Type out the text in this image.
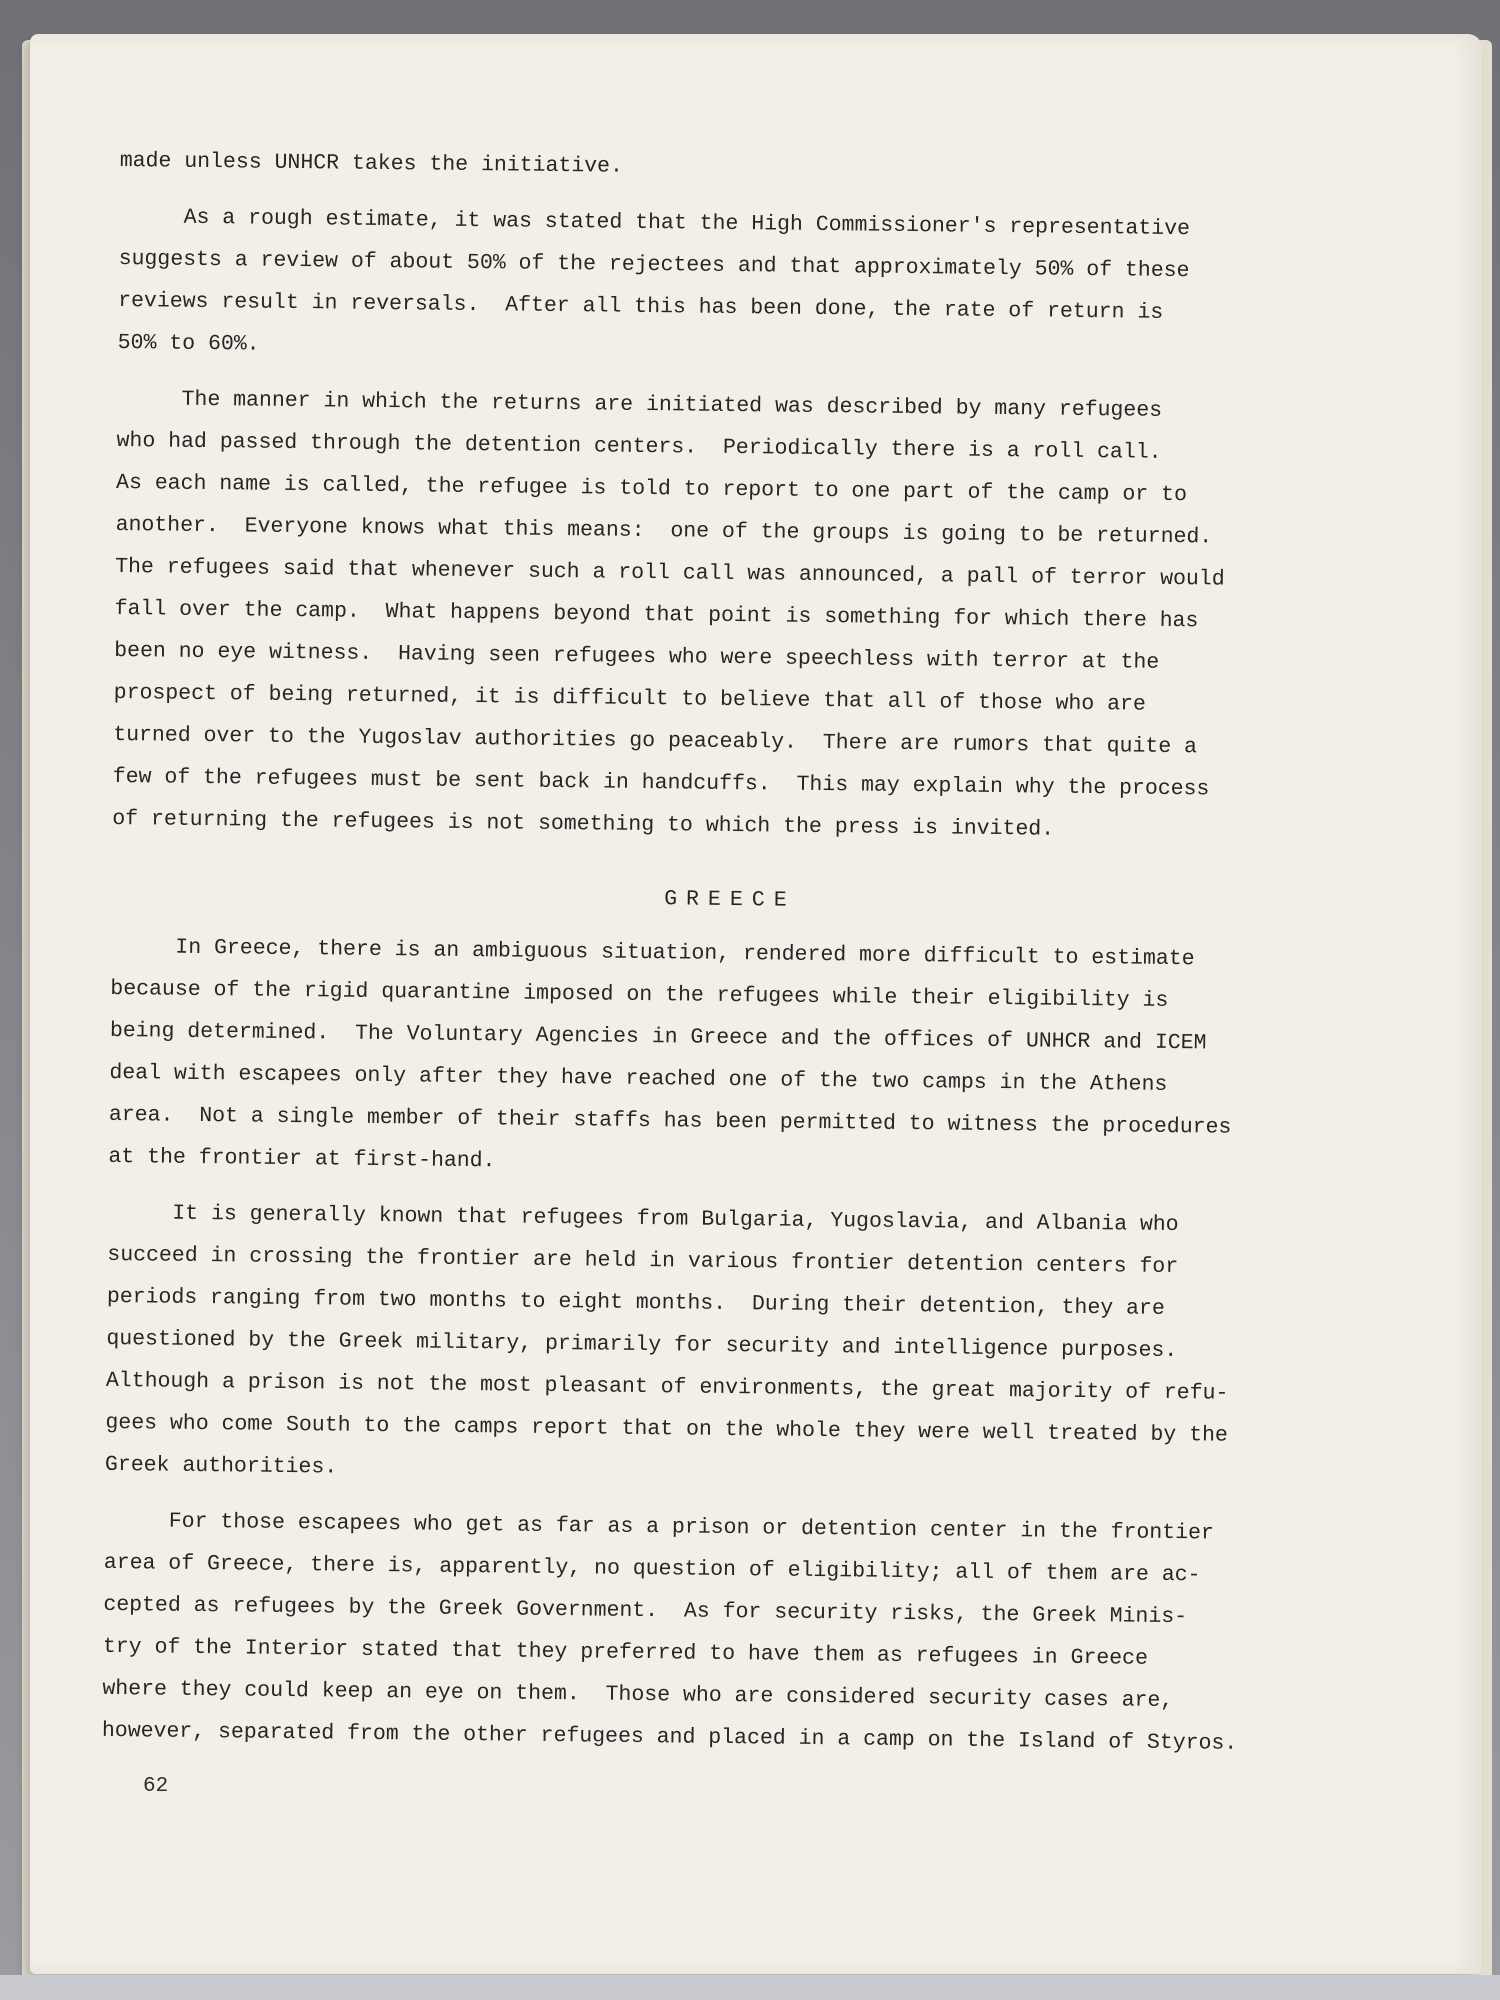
made unless UNHCR takes the initiative.
As a rough estimate, it was stated that the High Commissioner's representative
suggests a review of about 50% of the rejectees and that approximately 50% of these
reviews result in reversals.  After all this has been done, the rate of return is
50% to 60%.
The manner in which the returns are initiated was described by many refugees
who had passed through the detention centers.  Periodically there is a roll call.
As each name is called, the refugee is told to report to one part of the camp or to
another.  Everyone knows what this means:  one of the groups is going to be returned.
The refugees said that whenever such a roll call was announced, a pall of terror would
fall over the camp.  What happens beyond that point is something for which there has
been no eye witness.  Having seen refugees who were speechless with terror at the
prospect of being returned, it is difficult to believe that all of those who are
turned over to the Yugoslav authorities go peaceably.  There are rumors that quite a
few of the refugees must be sent back in handcuffs.  This may explain why the process
of returning the refugees is not something to which the press is invited.
GREECE
In Greece, there is an ambiguous situation, rendered more difficult to estimate
because of the rigid quarantine imposed on the refugees while their eligibility is
being determined.  The Voluntary Agencies in Greece and the offices of UNHCR and ICEM
deal with escapees only after they have reached one of the two camps in the Athens
area.  Not a single member of their staffs has been permitted to witness the procedures
at the frontier at first-hand.
It is generally known that refugees from Bulgaria, Yugoslavia, and Albania who
succeed in crossing the frontier are held in various frontier detention centers for
periods ranging from two months to eight months.  During their detention, they are
questioned by the Greek military, primarily for security and intelligence purposes.
Although a prison is not the most pleasant of environments, the great majority of refu-
gees who come South to the camps report that on the whole they were well treated by the
Greek authorities.
For those escapees who get as far as a prison or detention center in the frontier
area of Greece, there is, apparently, no question of eligibility; all of them are ac-
cepted as refugees by the Greek Government.  As for security risks, the Greek Minis-
try of the Interior stated that they preferred to have them as refugees in Greece
where they could keep an eye on them.  Those who are considered security cases are,
however, separated from the other refugees and placed in a camp on the Island of Styros.
62
